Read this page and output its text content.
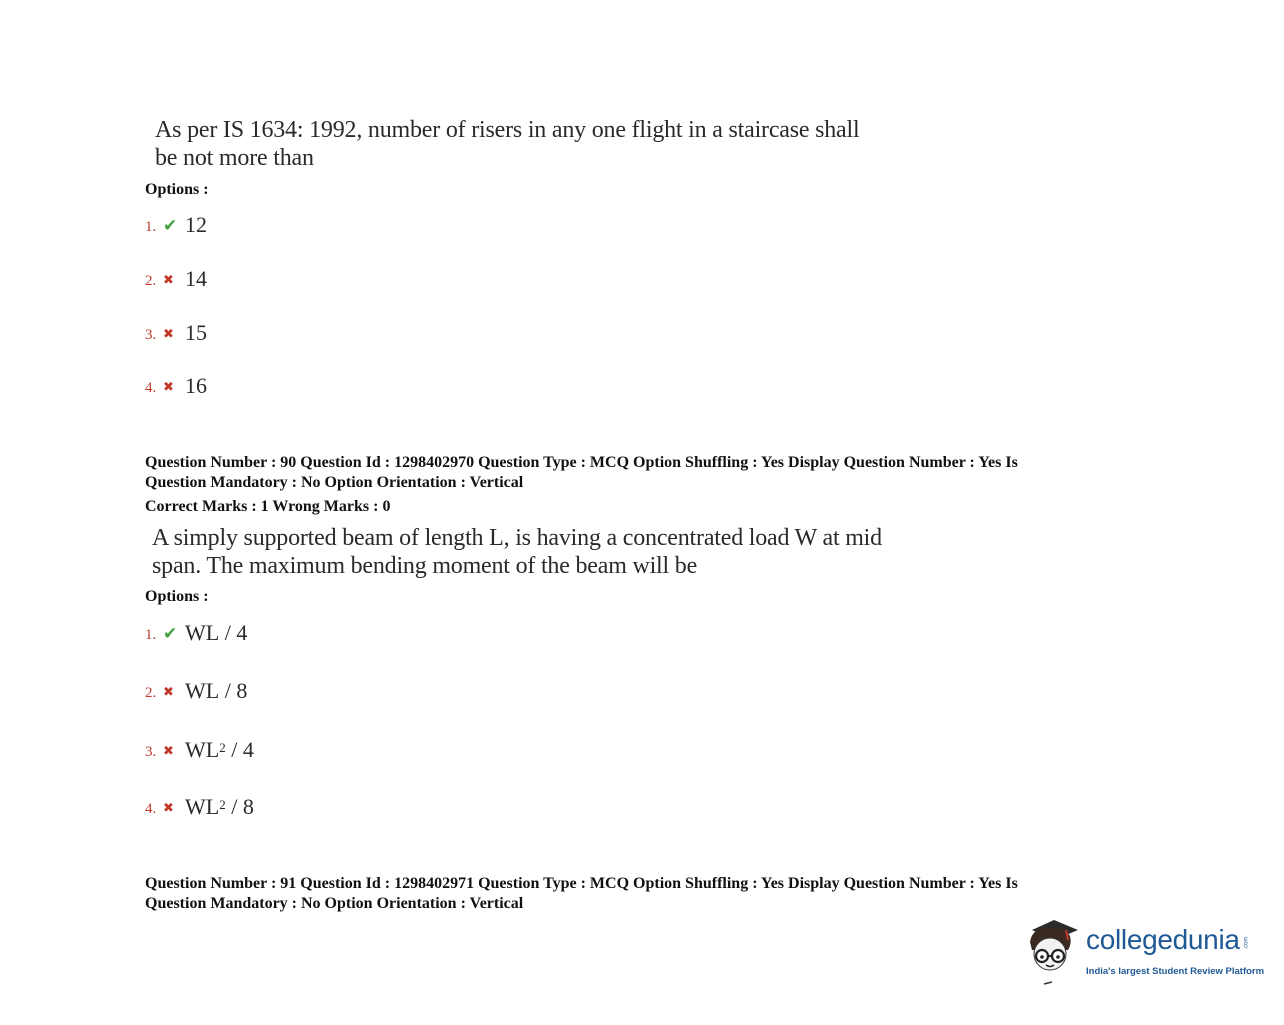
As per IS 1634: 1992, number of risers in any one flight in a staircase shall
be not more than
Options :
1. ✔ 12
2. ✖ 14
3. ✖ 15
4. ✖ 16
Question Number : 90 Question Id : 1298402970 Question Type : MCQ Option Shuffling : Yes Display Question Number : Yes Is
Question Mandatory : No Option Orientation : Vertical
Correct Marks : 1 Wrong Marks : 0
A simply supported beam of length L, is having a concentrated load W at mid
span. The maximum bending moment of the beam will be
Options :
1. ✔ WL / 4
2. ✖ WL / 8
3. ✖ $WL^2 / 4$
4. ✖ $WL^2 / 8$
Question Number : 91 Question Id : 1298402971 Question Type : MCQ Option Shuffling : Yes Display Question Number : Yes Is
Question Mandatory : No Option Orientation : Vertical
collegedunia .com
India's largest Student Review Platform
